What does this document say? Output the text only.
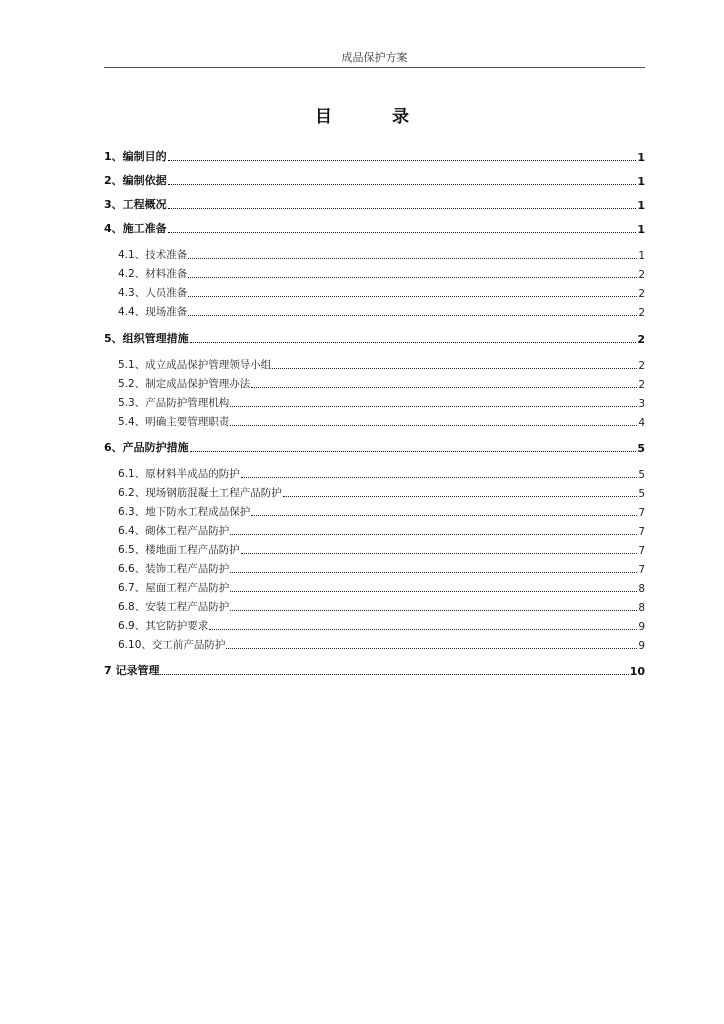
成品保护方案
目	录
1、编制目的	1
2、编制依据	1
3、工程概况	1
4、施工准备	1
4.1、技术准备	1
4.2、材料准备	2
4.3、人员准备	2
4.4、现场准备	2
5、组织管理措施	2
5.1、成立成品保护管理领导小组	2
5.2、制定成品保护管理办法	2
5.3、产品防护管理机构	3
5.4、明确主要管理职责	4
6、产品防护措施	5
6.1、原材料半成品的防护	5
6.2、现场钢筋混凝土工程产品防护	5
6.3、地下防水工程成品保护	7
6.4、砌体工程产品防护	7
6.5、楼地面工程产品防护	7
6.6、装饰工程产品防护	7
6.7、屋面工程产品防护	8
6.8、安装工程产品防护	8
6.9、其它防护要求	9
6.10、交工前产品防护	9
7 记录管理	10
